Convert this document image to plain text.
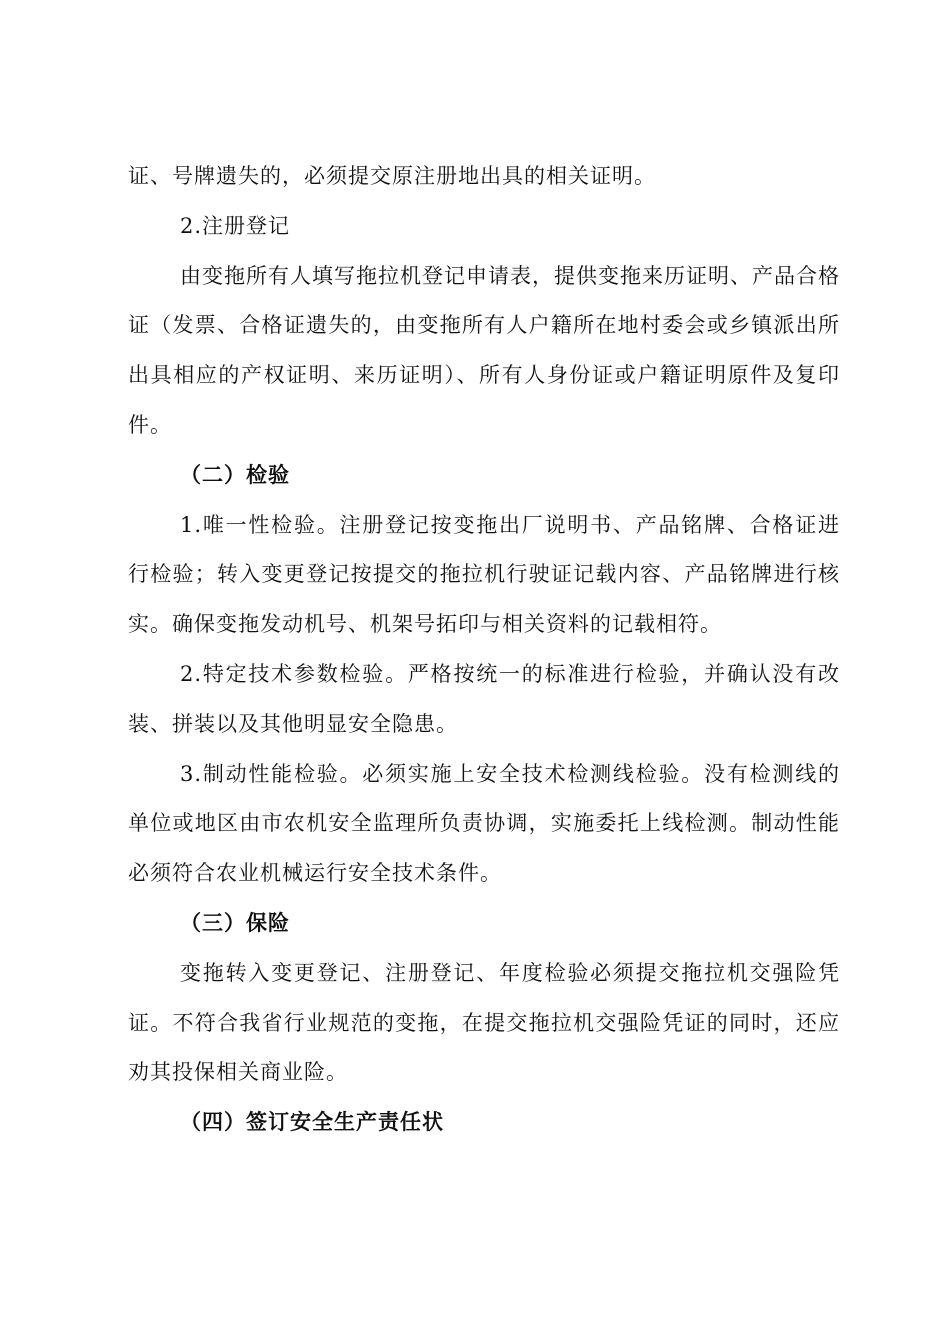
证、号牌遗失的，必须提交原注册地出具的相关证明。

2.注册登记

由变拖所有人填写拖拉机登记申请表，提供变拖来历证明、产品合格证（发票、合格证遗失的，由变拖所有人户籍所在地村委会或乡镇派出所出具相应的产权证明、来历证明）、所有人身份证或户籍证明原件及复印件。

（二）检验

1.唯一性检验。注册登记按变拖出厂说明书、产品铭牌、合格证进行检验；转入变更登记按提交的拖拉机行驶证记载内容、产品铭牌进行核实。确保变拖发动机号、机架号拓印与相关资料的记载相符。

2.特定技术参数检验。严格按统一的标准进行检验，并确认没有改装、拼装以及其他明显安全隐患。

3.制动性能检验。必须实施上安全技术检测线检验。没有检测线的单位或地区由市农机安全监理所负责协调，实施委托上线检测。制动性能必须符合农业机械运行安全技术条件。

（三）保险

变拖转入变更登记、注册登记、年度检验必须提交拖拉机交强险凭证。不符合我省行业规范的变拖，在提交拖拉机交强险凭证的同时，还应劝其投保相关商业险。

（四）签订安全生产责任状
